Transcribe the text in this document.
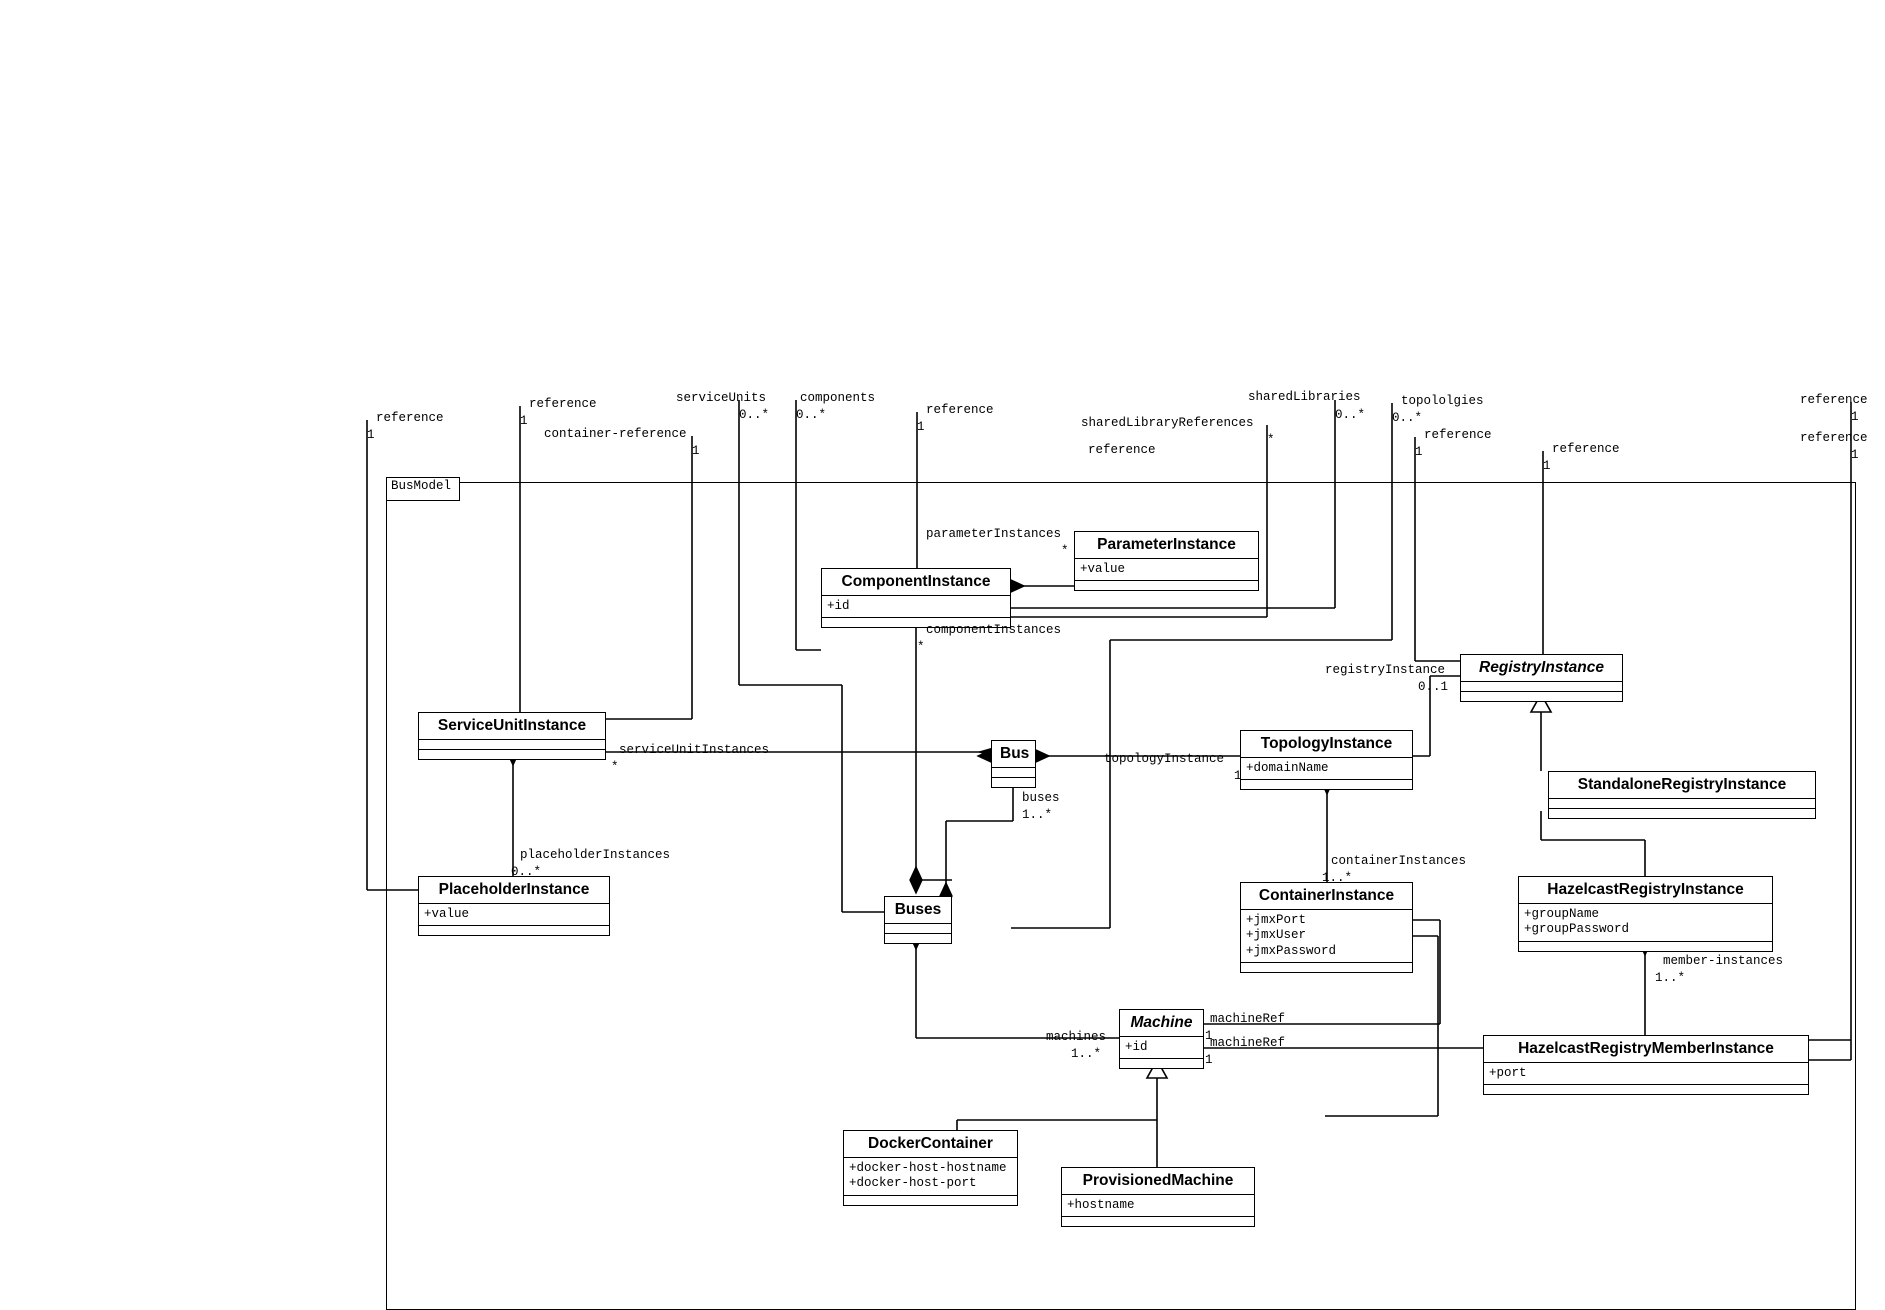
BusModel
ParameterInstance
+value
ComponentInstance
+id
RegistryInstance
ServiceUnitInstance
TopologyInstance
+domainName
Bus
StandaloneRegistryInstance
PlaceholderInstance
+value
ContainerInstance
+jmxPort
+jmxUser
+jmxPassword
Buses
HazelcastRegistryInstance
+groupName
+groupPassword
Machine
+id	HazelcastRegistryMemberInstance
+port
DockerContainer
+docker-host-hostname
+docker-host-port	ProvisionedMachine
+hostname
reference
1
reference
1
container-reference
1
serviceUnits
0..*
components
0..*	reference
1	sharedLibraryReferences
*
reference
sharedLibraries
0..*
topololgies
0..*
reference
1	reference
1
reference
1
reference
1
parameterInstances
*
componentInstances
*
registryInstance
0..1
serviceUnitInstances
*
topologyInstance
1
buses
1..*
placeholderInstances
0..*
containerInstances
1..*
member-instances
1..*
machineRef
1
machineRef
1
machines
1..*
